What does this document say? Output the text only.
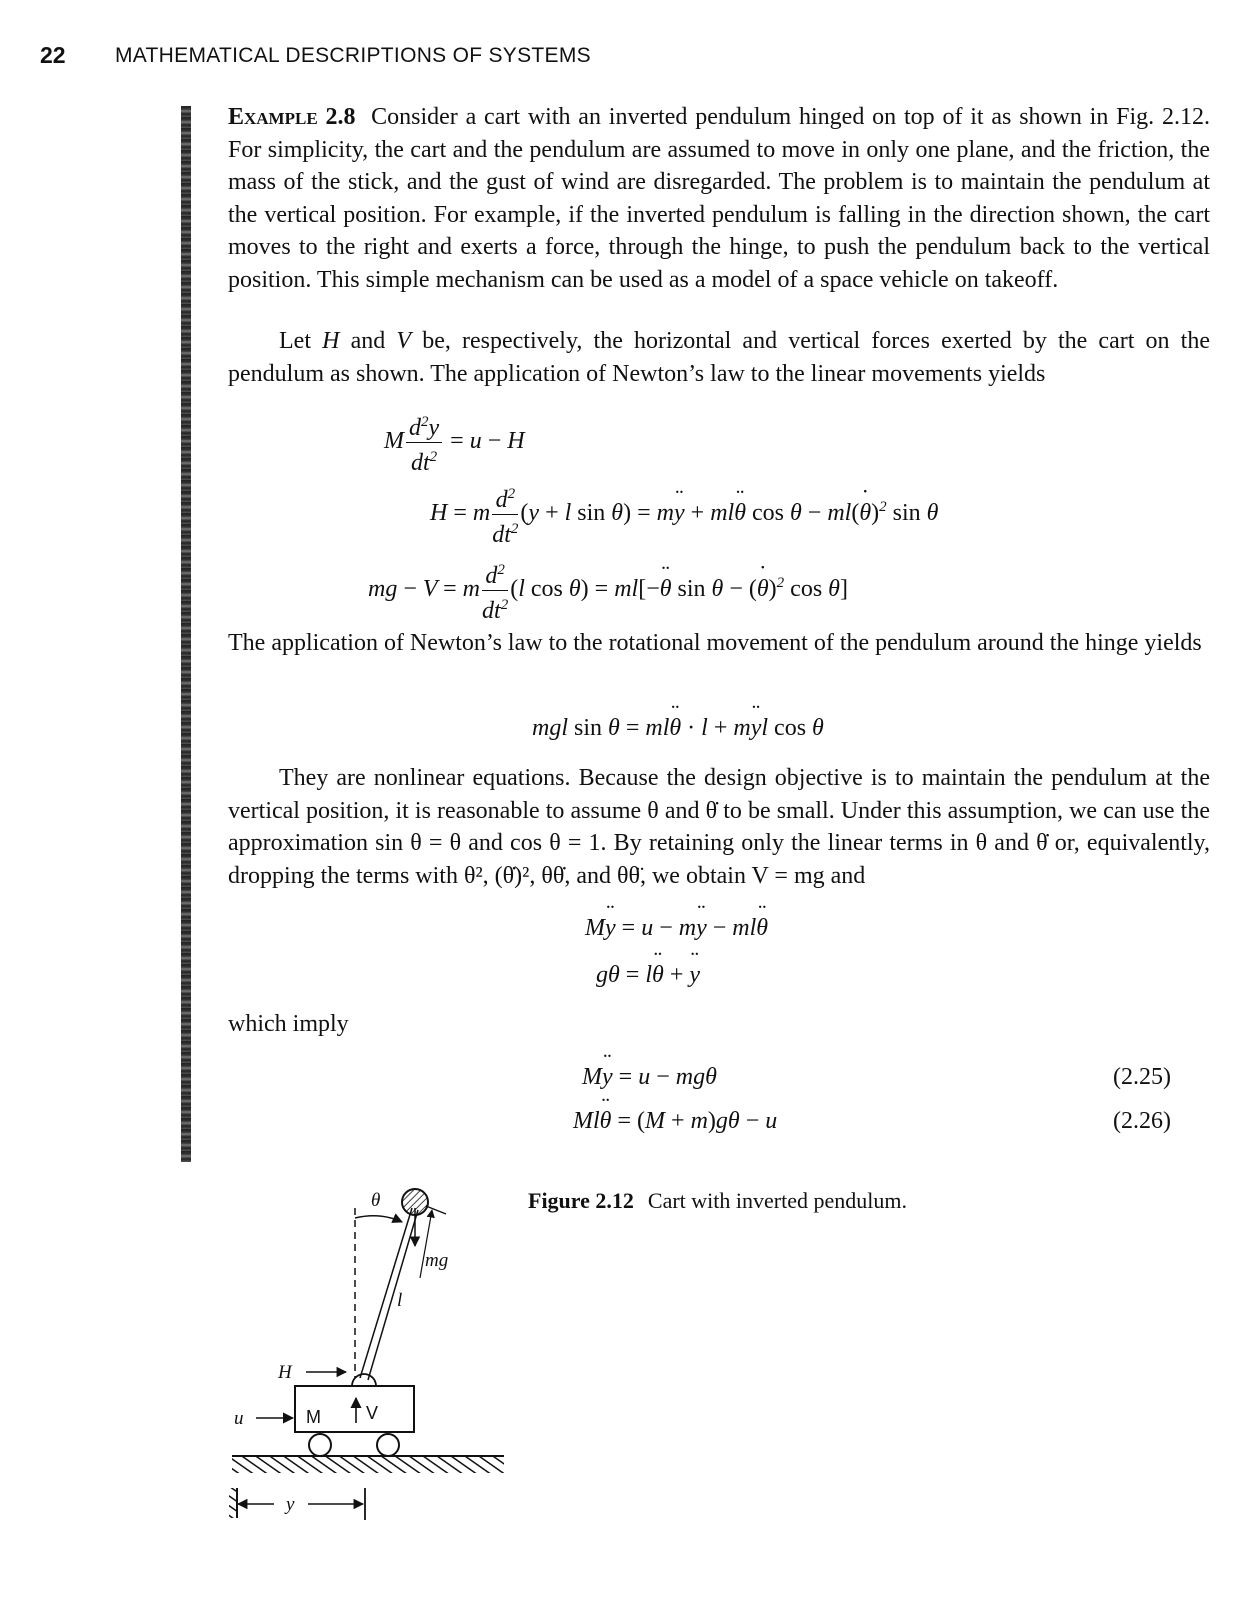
22 MATHEMATICAL DESCRIPTIONS OF SYSTEMS

Example 2.8 Consider a cart with an inverted pendulum hinged on top of it as shown in Fig. 2.12. For simplicity, the cart and the pendulum are assumed to move in only one plane, and the friction, the mass of the stick, and the gust of wind are disregarded. The problem is to maintain the pendulum at the vertical position. For example, if the inverted pendulum is falling in the direction shown, the cart moves to the right and exerts a force, through the hinge, to push the pendulum back to the vertical position. This simple mechanism can be used as a model of a space vehicle on takeoff.

Let H and V be, respectively, the horizontal and vertical forces exerted by the cart on the pendulum as shown. The application of Newton’s law to the linear movements yields

M $\frac{d^2y}{dt^2} = u - H$
H = m $\frac{d^2}{dt^2} (y + l$ sin θ) = m¨ y + ml¨ θ cos θ − ml(˙ θ)$^2$ sin θ
mg − V = m $\frac{d^2}{dt^2} (l$ cos θ) = ml[−¨ θ sin θ − (˙ θ)$^2$ cos θ]

The application of Newton’s law to the rotational movement of the pendulum around the hinge yields

mgl sin θ = ml¨ θ · l + m¨ yl cos θ

They are nonlinear equations. Because the design objective is to maintain the pendulum at the vertical position, it is reasonable to assume θ and θ̇ to be small. Under this assumption, we can use the approximation sin θ = θ and cos θ = 1. By retaining only the linear terms in θ and θ̇ or, equivalently, dropping the terms with θ², (θ̇)², θθ̇, and θθ̈, we obtain V = mg and

M¨ y = u − m¨ y − ml¨ θ
gθ = l¨ θ + ¨ y

which imply

M¨ y = u − mgθ
Ml¨ θ = (M + m)gθ − u
(2.25)
(2.26)
θ
l
mg
H
M	V
u
y

Figure 2.12 Cart with inverted pendulum.
